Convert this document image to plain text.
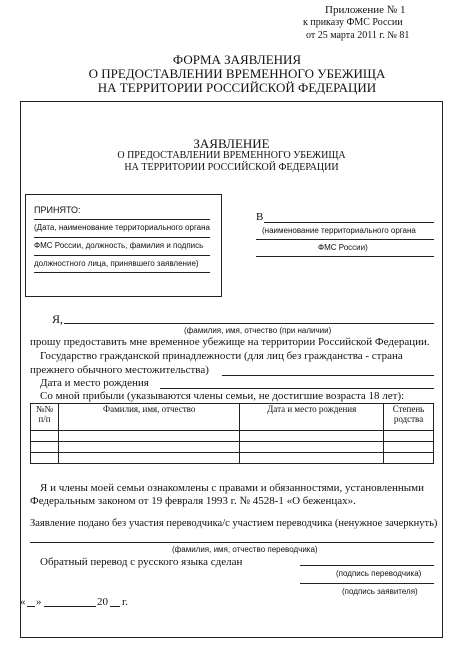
Приложение № 1
к приказу ФМС России
от 25 марта 2011 г. № 81
ФОРМА ЗАЯВЛЕНИЯ
О ПРЕДОСТАВЛЕНИИ ВРЕМЕННОГО УБЕЖИЩА
НА ТЕРРИТОРИИ РОССИЙСКОЙ ФЕДЕРАЦИИ
ЗАЯВЛЕНИЕ
О ПРЕДОСТАВЛЕНИИ ВРЕМЕННОГО УБЕЖИЩА
НА ТЕРРИТОРИИ РОССИЙСКОЙ ФЕДЕРАЦИИ
ПРИНЯТО:
(Дата, наименование территориального органа
ФМС России, должность, фамилия и подпись
должностного лица, принявшего заявление)
В
(наименование территориального органа
ФМС России)
Я,
(фамилия, имя, отчество (при наличии)
прошу предоставить мне временное убежище на территории Российской Федерации.
Государство гражданской принадлежности (для лиц без гражданства - страна
прежнего обычного местожительства)
Дата и место рождения
Со мной прибыли (указываются члены семьи, не достигшие возраста 18 лет):
№№ п/п	Фамилия, имя, отчество	Дата и место рождения	Степень родства

Я и члены моей семьи ознакомлены с правами и обязанностями, установленными
Федеральным законом от 19 февраля 1993 г. № 4528-1 «О беженцах».
Заявление подано без участия переводчика/с участием переводчика (ненужное зачеркнуть)
(фамилия, имя, отчество переводчика)
Обратный перевод с русского языка сделан
(подпись переводчика)
(подпись заявителя)
« »	20 г.
